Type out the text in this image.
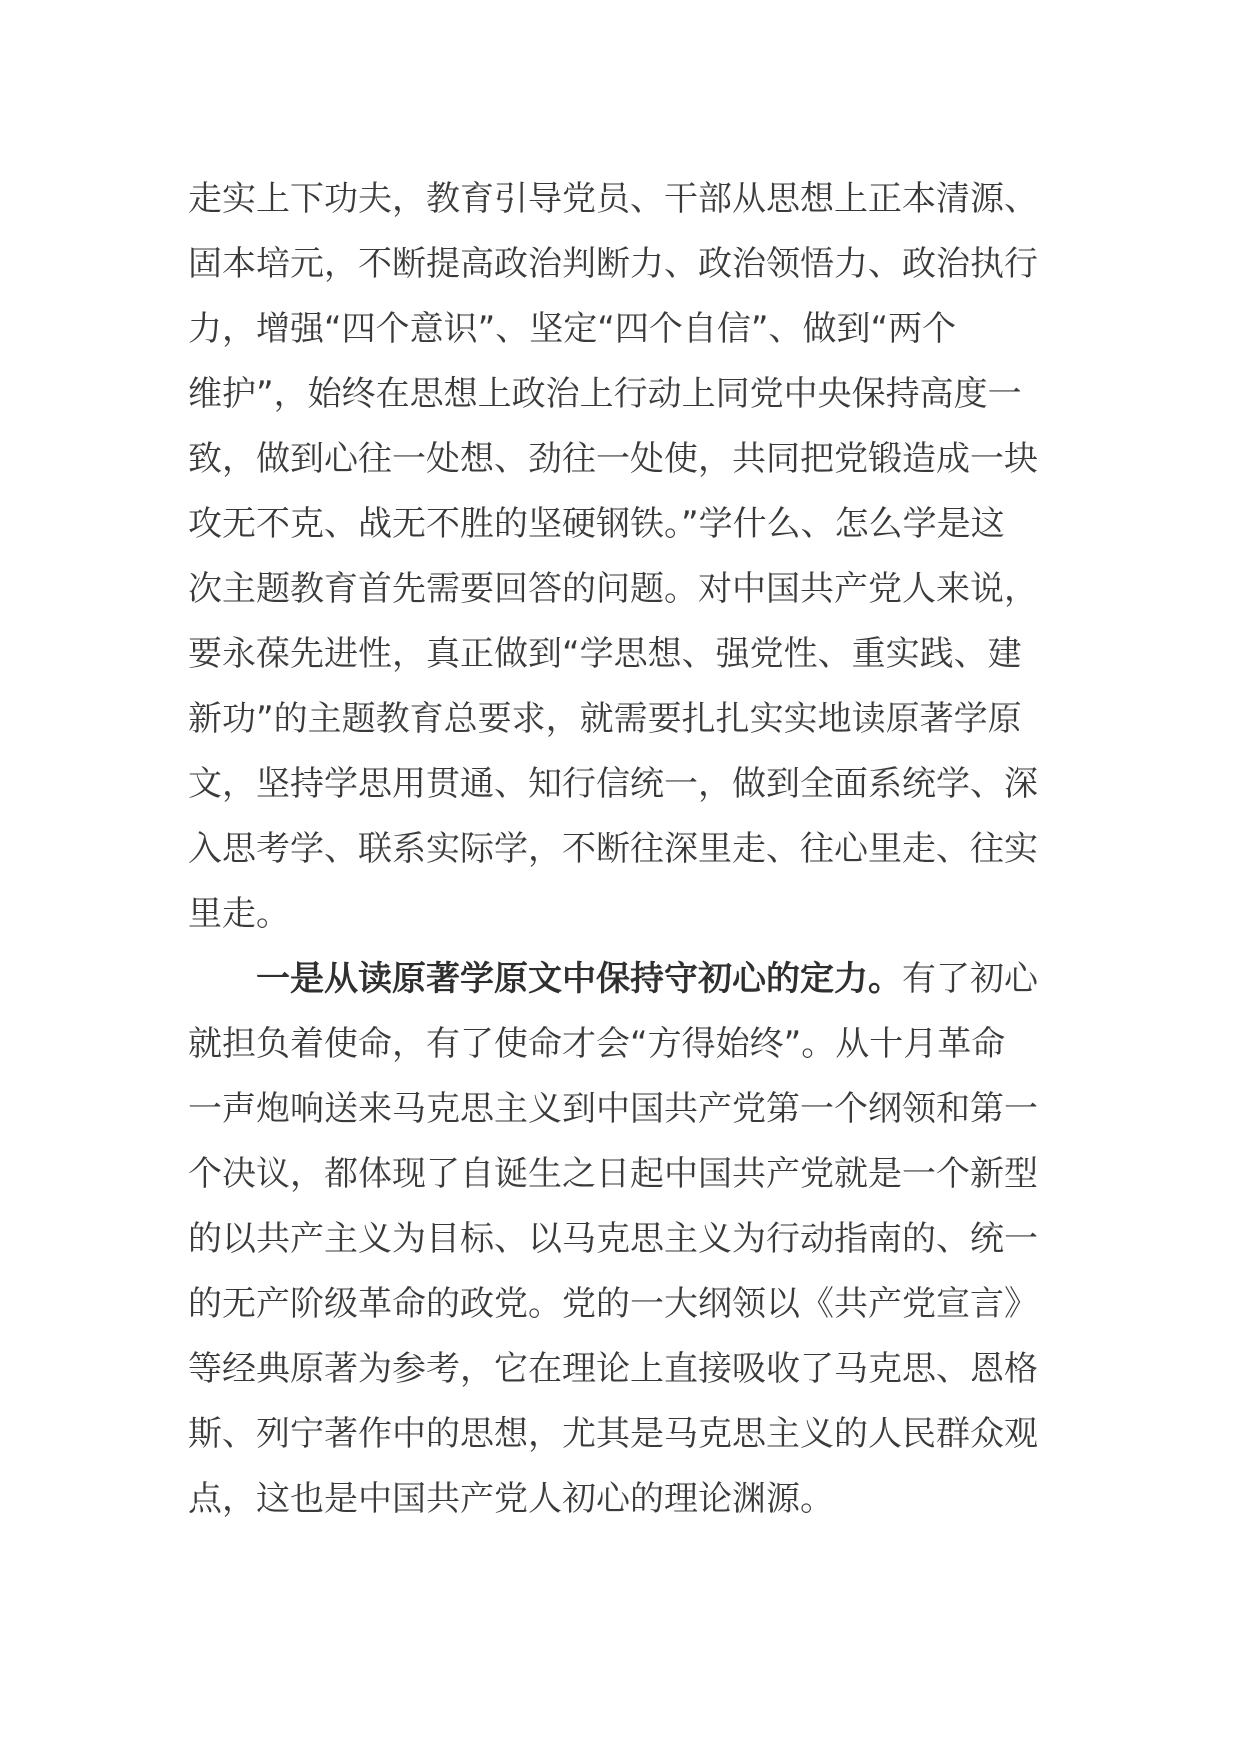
走实上下功夫，教育引导党员、干部从思想上正本清源、
固本培元，不断提高政治判断力、政治领悟力、政治执行
力，增强“四个意识”、坚定“四个自信”、做到“两个
维护”，始终在思想上政治上行动上同党中央保持高度一
致，做到心往一处想、劲往一处使，共同把党锻造成一块
攻无不克、战无不胜的坚硬钢铁。”学什么、怎么学是这
次主题教育首先需要回答的问题。对中国共产党人来说，
要永葆先进性，真正做到“学思想、强党性、重实践、建
新功”的主题教育总要求，就需要扎扎实实地读原著学原
文，坚持学思用贯通、知行信统一，做到全面系统学、深
入思考学、联系实际学，不断往深里走、往心里走、往实
里走。
一是从读原著学原文中保持守初心的定力。有了初心
就担负着使命，有了使命才会“方得始终”。从十月革命
一声炮响送来马克思主义到中国共产党第一个纲领和第一
个决议，都体现了自诞生之日起中国共产党就是一个新型
的以共产主义为目标、以马克思主义为行动指南的、统一
的无产阶级革命的政党。党的一大纲领以《共产党宣言》
等经典原著为参考，它在理论上直接吸收了马克思、恩格
斯、列宁著作中的思想，尤其是马克思主义的人民群众观
点，这也是中国共产党人初心的理论渊源。
